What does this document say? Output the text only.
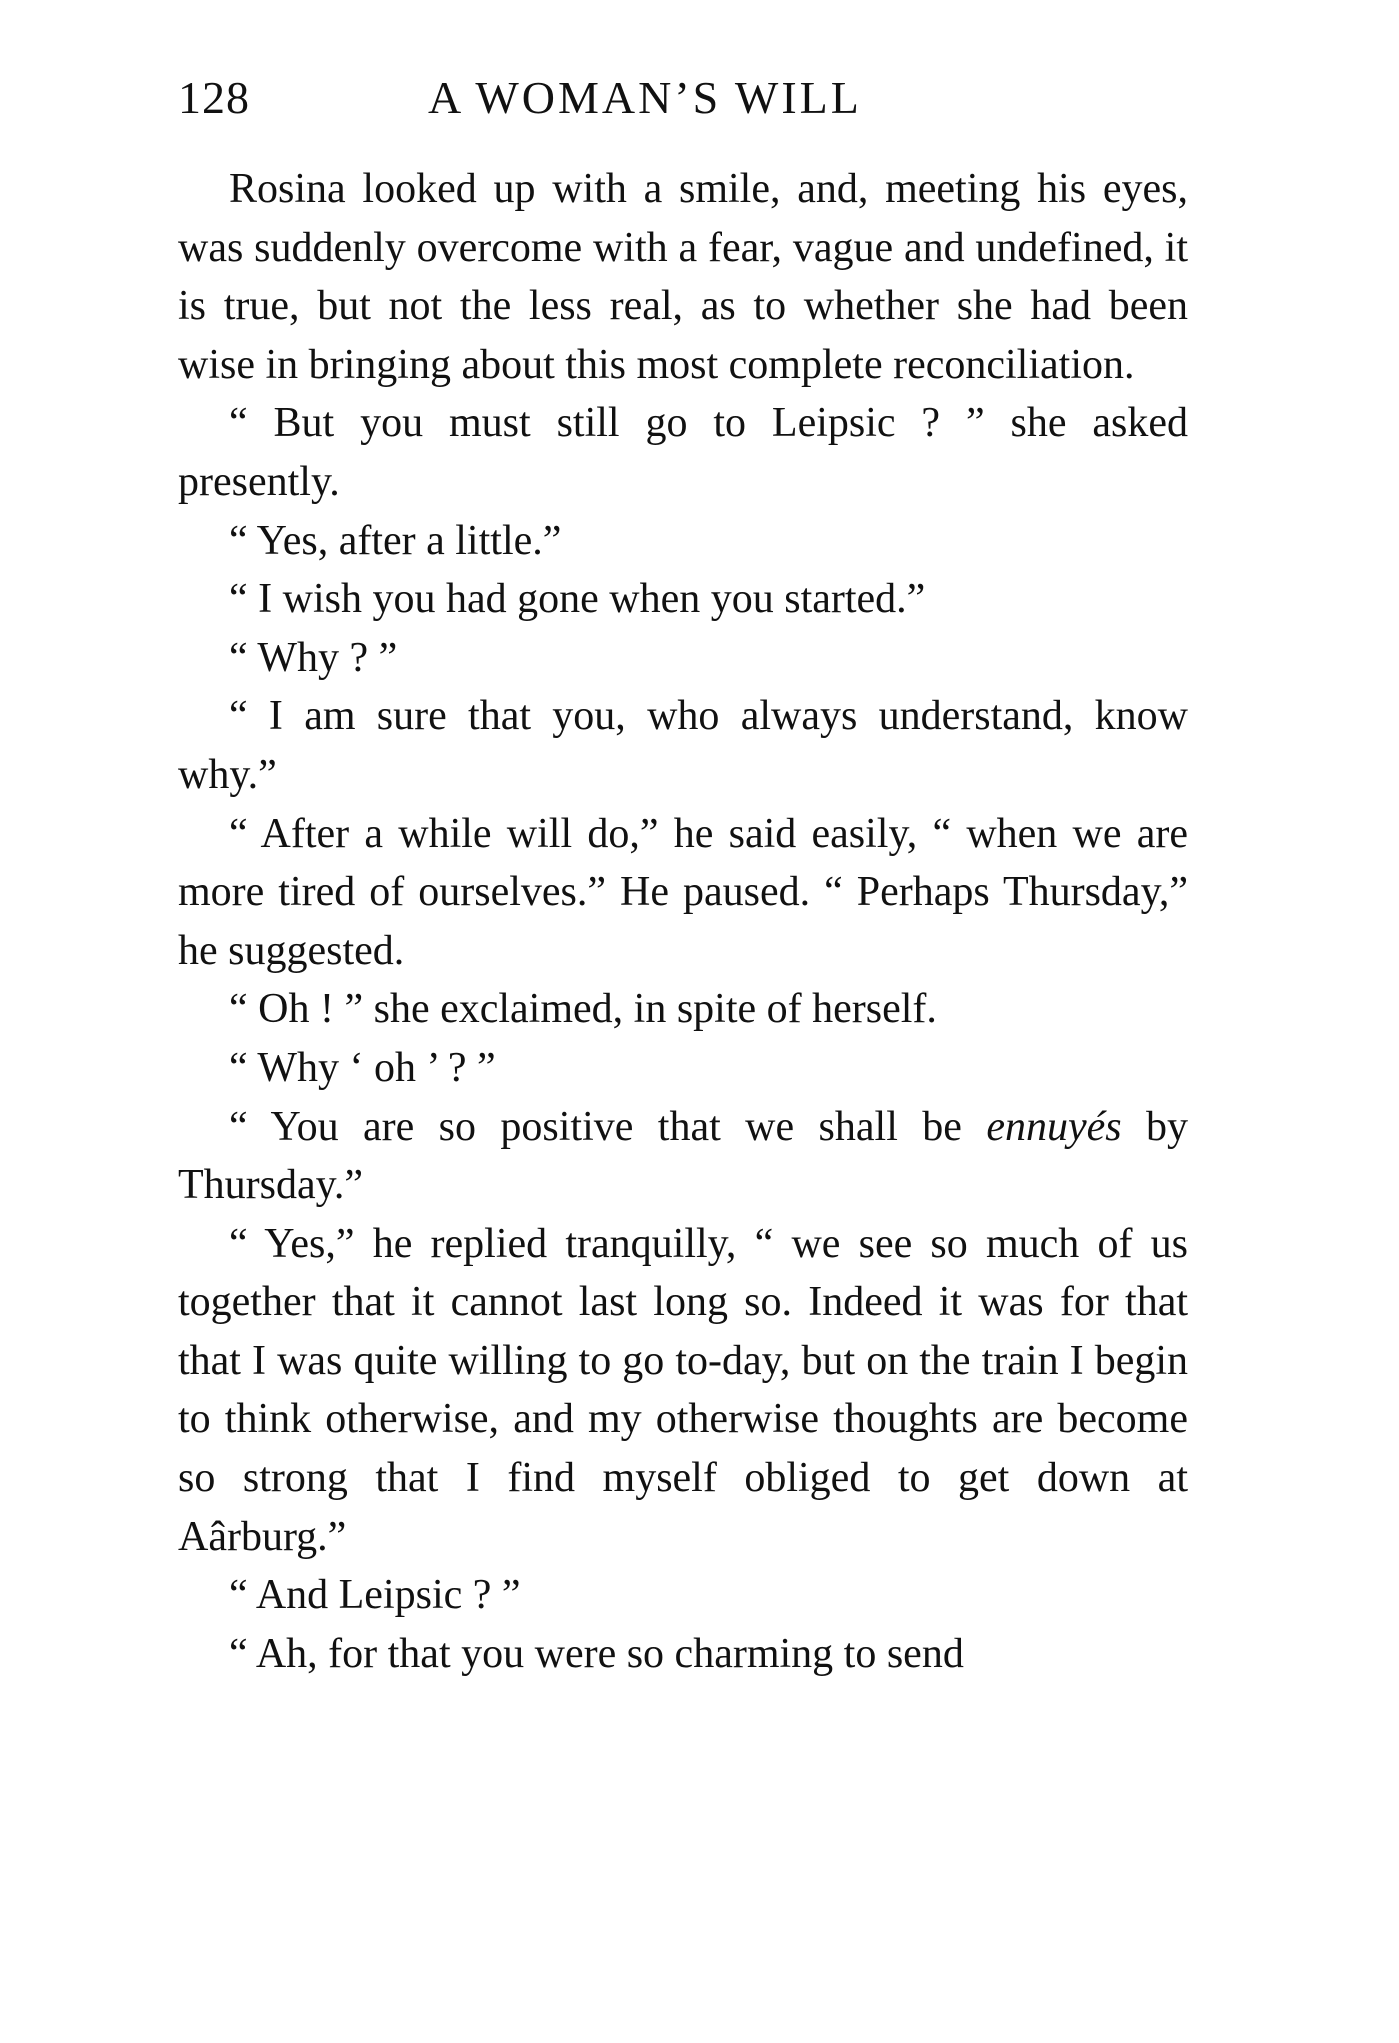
128	A WOMAN’S WILL

Rosina looked up with a smile, and, meeting his eyes, was suddenly overcome with a fear, vague and undefined, it is true, but not the less real, as to whether she had been wise in bringing about this most complete reconciliation.

“ But you must still go to Leipsic ? ” she asked presently.

“ Yes, after a little.”

“ I wish you had gone when you started.”

“ Why ? ”

“ I am sure that you, who always understand, know why.”

“ After a while will do,” he said easily, “ when we are more tired of ourselves.” He paused. “ Perhaps Thursday,” he suggested.

“ Oh ! ” she exclaimed, in spite of herself.

“ Why ‘ oh ’ ? ”

“ You are so positive that we shall be ennuyés by Thursday.”

“ Yes,” he replied tranquilly, “ we see so much of us together that it cannot last long so. Indeed it was for that that I was quite willing to go to-day, but on the train I begin to think otherwise, and my otherwise thoughts are become so strong that I find myself obliged to get down at Aârburg.”

“ And Leipsic ? ”

“ Ah, for that you were so charming to send
